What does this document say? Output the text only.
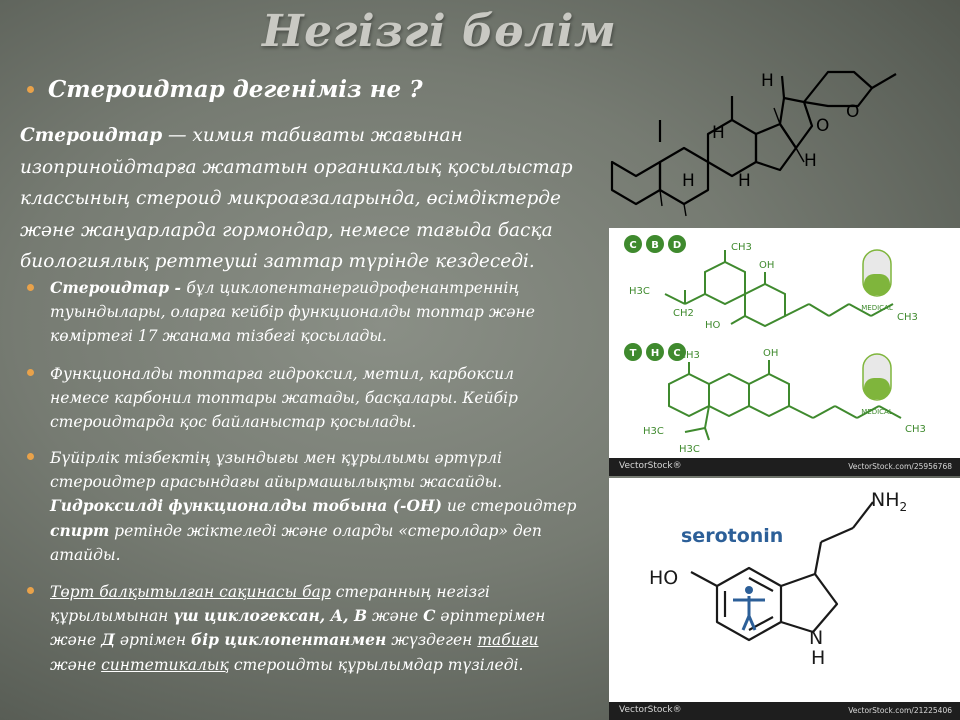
Негізгі бөлім
Стероидтар дегеніміз не ?
Стероидтар — химия табиғаты жағынан
изопринойдтарға жататын органикалық қосылыстар
классының стероид микроағзаларында, өсімдіктерде
және жануарларда гормондар, немесе тағыда басқа
биологиялық реттеуші заттар түрінде кездеседі.
Стероидтар - бұл циклопентанергидрофенантреннің
туындылары, оларға кейбір функционалды топтар және
көміртегі 17 жанама тізбегі қосылады.
Функционалды топтарға гидроксил, метил, карбоксил
немесе карбонил топтары жатады, басқалары. Кейбір
стероидтарда қос байланыстар қосылады.
Бүйірлік тізбектің ұзындығы мен құрылымы әртүрлі
стероидтер арасындағы айырмашылықты жасайды.
Гидроксилді функционалды тобына (-ОН) ие стероидтер
спирт ретінде жіктеледі және оларды «стеролдар» деп
атайды.
Төрт балқытылған сақинасы бар стеранның негізгі
құрылымынан үш циклогексан, А, В және С әріптерімен
және Д әрпімен бір циклопентанмен жүздеген табиғи
және синтетикалық стероидты құрылымдар түзіледі.
H
H
H	H
H
O
O
C B D
T H C
OH
CH3
H3C
CH2
HO
CH3
MEDICAL
MEDICAL
CH3	OH
H3C
H3C
CH3
VectorStock®	VectorStock.com/25956768
serotonin
$NH_2$
HO
N
H
VectorStock®	VectorStock.com/21225406
